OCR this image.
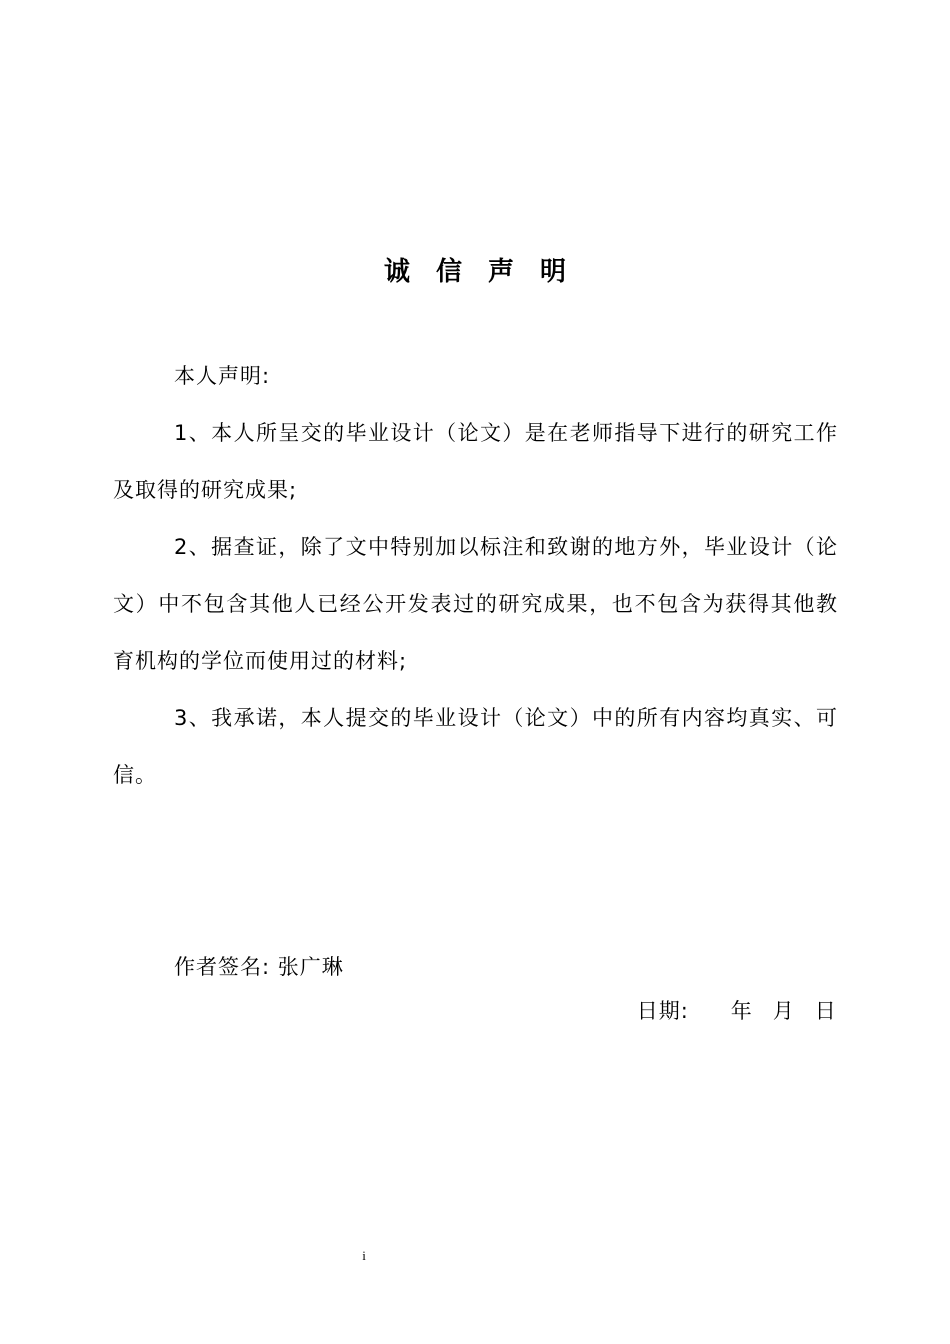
诚信声明
本人声明:

1、本人所呈交的毕业设计（论文）是在老师指导下进行的研究工作及取得的研究成果;

2、据查证，除了文中特别加以标注和致谢的地方外，毕业设计（论文）中不包含其他人已经公开发表过的研究成果，也不包含为获得其他教育机构的学位而使用过的材料;

3、我承诺，本人提交的毕业设计（论文）中的所有内容均真实、可信。

作者签名: 张广琳

日期: 年 月 日

i
